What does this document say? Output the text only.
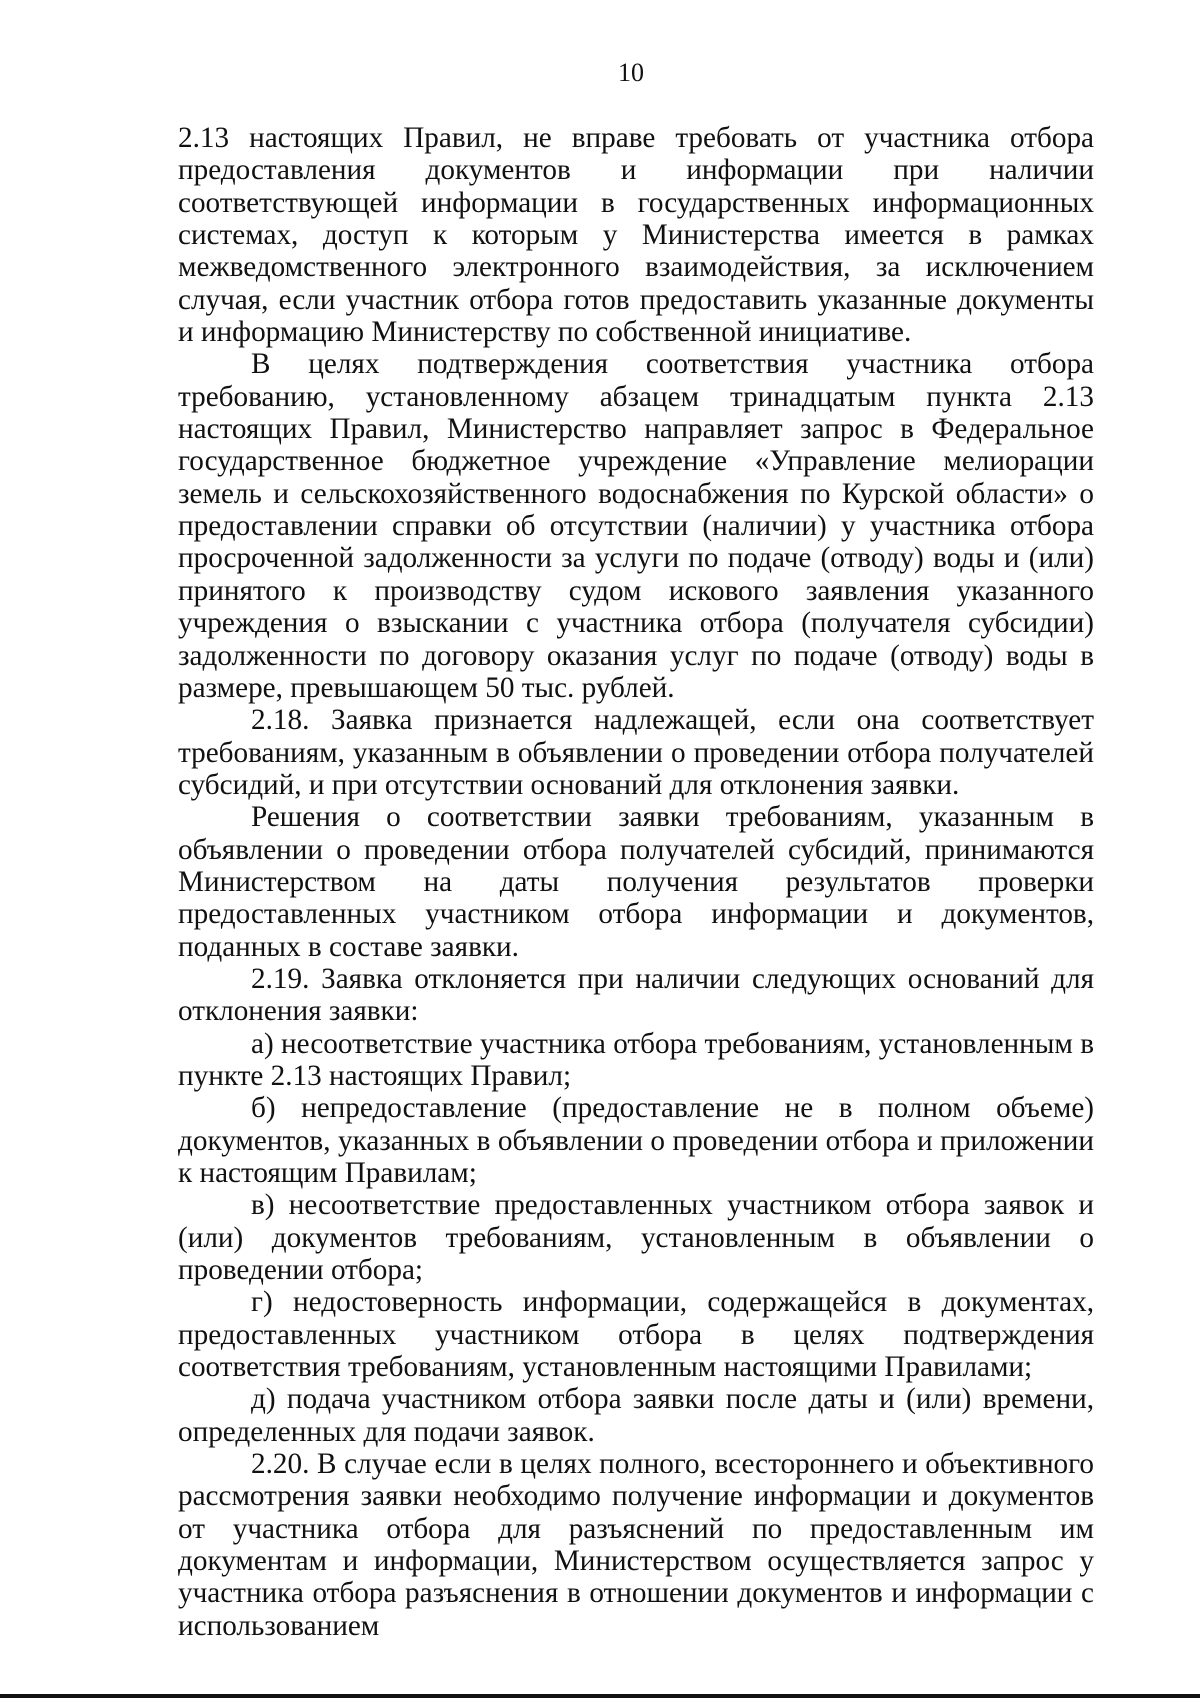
10

2.13 настоящих Правил, не вправе требовать от участника отбора предоставления документов и информации при наличии соответствующей информации в государственных информационных системах, доступ к которым у Министерства имеется в рамках межведомственного электронного взаимодействия, за исключением случая, если участник отбора готов предоставить указанные документы и информацию Министерству по собственной инициативе.

В целях подтверждения соответствия участника отбора требованию, установленному абзацем тринадцатым пункта 2.13 настоящих Правил, Министерство направляет запрос в Федеральное государственное бюджетное учреждение «Управление мелиорации земель и сельскохозяйственного водоснабжения по Курской области» о предоставлении справки об отсутствии (наличии) у участника отбора просроченной задолженности за услуги по подаче (отводу) воды и (или) принятого к производству судом искового заявления указанного учреждения о взыскании с участника отбора (получателя субсидии) задолженности по договору оказания услуг по подаче (отводу) воды в размере, превышающем 50 тыс. рублей.

2.18. Заявка признается надлежащей, если она соответствует требованиям, указанным в объявлении о проведении отбора получателей субсидий, и при отсутствии оснований для отклонения заявки.

Решения о соответствии заявки требованиям, указанным в объявлении о проведении отбора получателей субсидий, принимаются Министерством на даты получения результатов проверки предоставленных участником отбора информации и документов, поданных в составе заявки.

2.19. Заявка отклоняется при наличии следующих оснований для отклонения заявки:

а) несоответствие участника отбора требованиям, установленным в пункте 2.13 настоящих Правил;

б) непредоставление (предоставление не в полном объеме) документов, указанных в объявлении о проведении отбора и приложении к настоящим Правилам;

в) несоответствие предоставленных участником отбора заявок и (или) документов требованиям, установленным в объявлении о проведении отбора;

г) недостоверность информации, содержащейся в документах, предоставленных участником отбора в целях подтверждения соответствия требованиям, установленным настоящими Правилами;

д) подача участником отбора заявки после даты и (или) времени, определенных для подачи заявок.

2.20. В случае если в целях полного, всестороннего и объективного рассмотрения заявки необходимо получение информации и документов от участника отбора для разъяснений по предоставленным им документам и информации, Министерством осуществляется запрос у участника отбора разъяснения в отношении документов и информации с использованием
